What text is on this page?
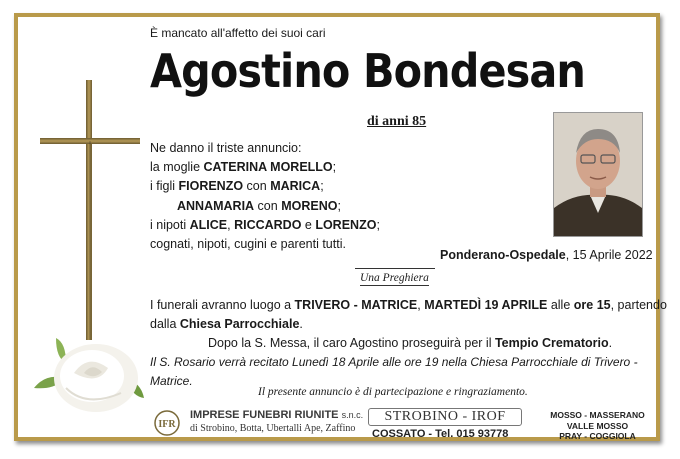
È mancato all'affetto dei suoi cari
Agostino Bondesan
di anni 85
Ne danno il triste annuncio:
la moglie CATERINA MORELLO;
i figli FIORENZO con MARICA;
ANNAMARIA con MORENO;
i nipoti ALICE, RICCARDO e LORENZO;
cognati, nipoti, cugini e parenti tutti.
Ponderano-Ospedale, 15 Aprile 2022
Una Preghiera
I funerali avranno luogo a TRIVERO - MATRICE, MARTEDÌ 19 APRILE alle ore 15, partendo
dalla Chiesa Parrocchiale.
Dopo la S. Messa, il caro Agostino proseguirà per il Tempio Crematorio.
Il S. Rosario verrà recitato Lunedì 18 Aprile alle ore 19 nella Chiesa Parrocchiale di Trivero -
Matrice.
Il presente annuncio è di partecipazione e ringraziamento.
IFR
IMPRESE FUNEBRI RIUNITE s.n.c.
di Strobino, Botta, Ubertalli Ape, Zaffino
STROBINO - IROF
COSSATO - Tel. 015 93778
MOSSO - MASSERANO
VALLE MOSSO
PRAY - COGGIOLA
